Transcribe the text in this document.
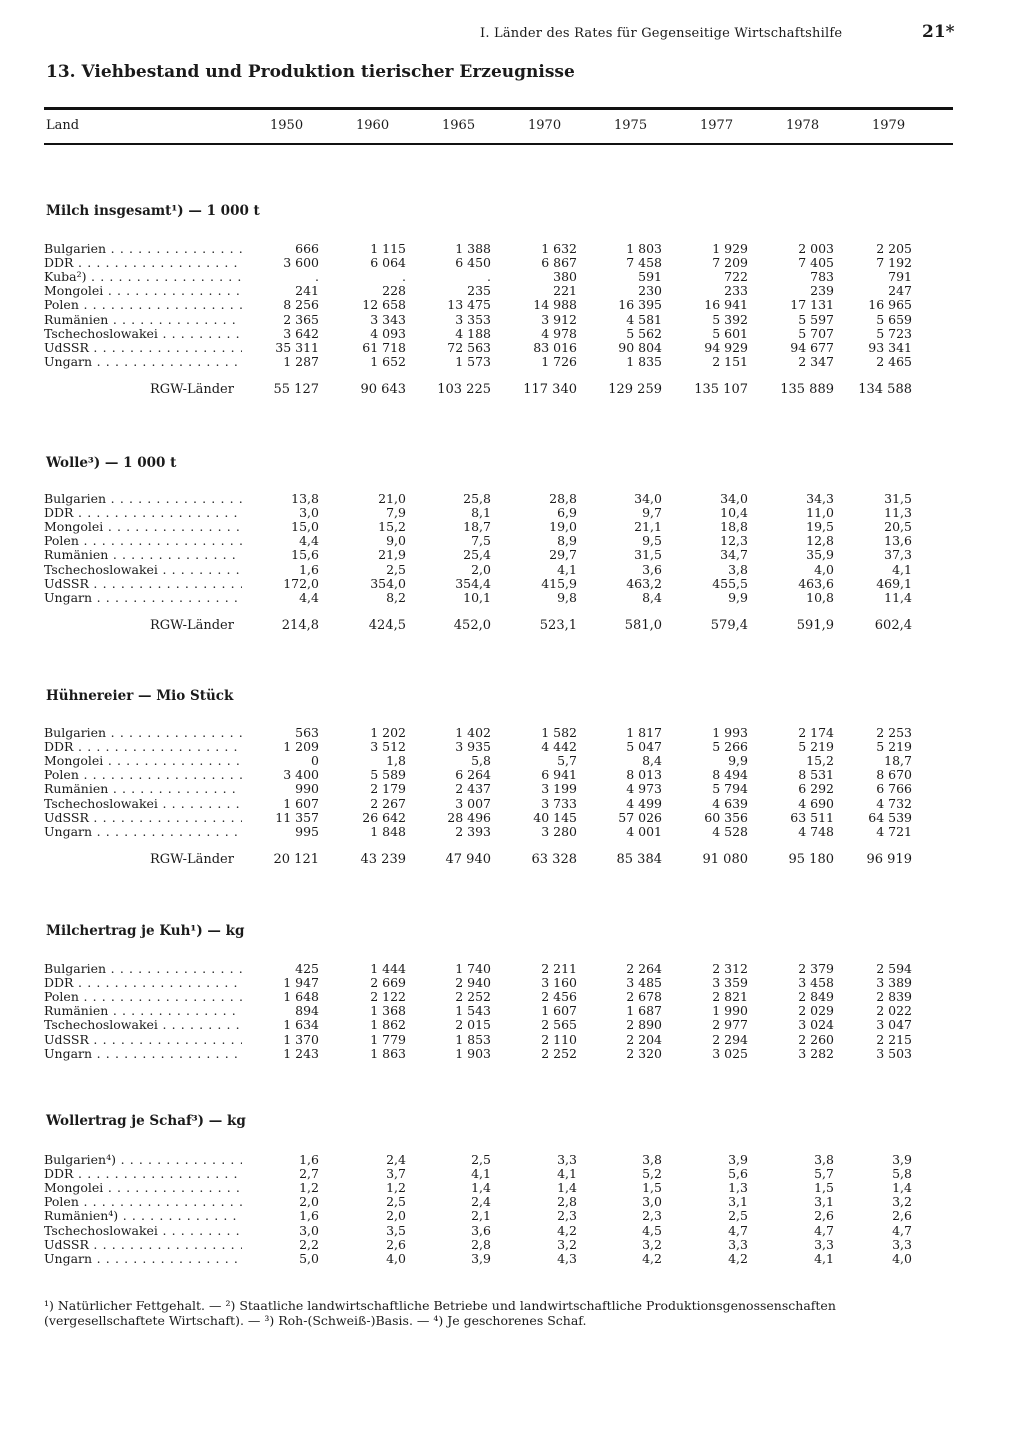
I. Länder des Rates für Gegenseitige Wirtschaftshilfe	21*
13. Viehbestand und Produktion tierischer Erzeugnisse
Land	1950	1960	1965	1970	1975	1977	1978	1979
Milch insgesamt¹) — 1 000 t
Bulgarien . . .	666	1 115	1 388	1 632	1 803	1 929	2 003	2 205
DDR . . .	3 600	6 064	6 450	6 867	7 458	7 209	7 405	7 192
Kuba²) . . .	.	.	.	380	591	722	783	791
Mongolei . . .	241	228	235	221	230	233	239	247
Polen . . .	8 256	12 658	13 475	14 988	16 395	16 941	17 131	16 965
Rumänien . . .	2 365	3 343	3 353	3 912	4 581	5 392	5 597	5 659
Tschechoslowakei . . .	3 642	4 093	4 188	4 978	5 562	5 601	5 707	5 723
UdSSR . . .	35 311	61 718	72 563	83 016	90 804	94 929	94 677	93 341
Ungarn . . .	1 287	1 652	1 573	1 726	1 835	2 151	2 347	2 465
RGW-Länder	55 127	90 643	103 225	117 340	129 259	135 107	135 889	134 588
Wolle³) — 1 000 t
Bulgarien . . .	13,8	21,0	25,8	28,8	34,0	34,0	34,3	31,5
DDR . . .	3,0	7,9	8,1	6,9	9,7	10,4	11,0	11,3
Mongolei . . .	15,0	15,2	18,7	19,0	21,1	18,8	19,5	20,5
Polen . . .	4,4	9,0	7,5	8,9	9,5	12,3	12,8	13,6
Rumänien . . .	15,6	21,9	25,4	29,7	31,5	34,7	35,9	37,3
Tschechoslowakei . . .	1,6	2,5	2,0	4,1	3,6	3,8	4,0	4,1
UdSSR . . .	172,0	354,0	354,4	415,9	463,2	455,5	463,6	469,1
Ungarn . . .	4,4	8,2	10,1	9,8	8,4	9,9	10,8	11,4
RGW-Länder	214,8	424,5	452,0	523,1	581,0	579,4	591,9	602,4
Hühnereier — Mio Stück
Bulgarien . . .	563	1 202	1 402	1 582	1 817	1 993	2 174	2 253
DDR . . .	1 209	3 512	3 935	4 442	5 047	5 266	5 219	5 219
Mongolei . . .	0	1,8	5,8	5,7	8,4	9,9	15,2	18,7
Polen . . .	3 400	5 589	6 264	6 941	8 013	8 494	8 531	8 670
Rumänien . . .	990	2 179	2 437	3 199	4 973	5 794	6 292	6 766
Tschechoslowakei . . .	1 607	2 267	3 007	3 733	4 499	4 639	4 690	4 732
UdSSR . . .	11 357	26 642	28 496	40 145	57 026	60 356	63 511	64 539
Ungarn . . .	995	1 848	2 393	3 280	4 001	4 528	4 748	4 721
RGW-Länder	20 121	43 239	47 940	63 328	85 384	91 080	95 180	96 919
Milchertrag je Kuh¹) — kg
Bulgarien . . .	425	1 444	1 740	2 211	2 264	2 312	2 379	2 594
DDR . . .	1 947	2 669	2 940	3 160	3 485	3 359	3 458	3 389
Polen . . .	1 648	2 122	2 252	2 456	2 678	2 821	2 849	2 839
Rumänien . . .	894	1 368	1 543	1 607	1 687	1 990	2 029	2 022
Tschechoslowakei . . .	1 634	1 862	2 015	2 565	2 890	2 977	3 024	3 047
UdSSR . . .	1 370	1 779	1 853	2 110	2 204	2 294	2 260	2 215
Ungarn . . .	1 243	1 863	1 903	2 252	2 320	3 025	3 282	3 503
Wollertrag je Schaf³) — kg
Bulgarien⁴) . . .	1,6	2,4	2,5	3,3	3,8	3,9	3,8	3,9
DDR . . .	2,7	3,7	4,1	4,1	5,2	5,6	5,7	5,8
Mongolei . . .	1,2	1,2	1,4	1,4	1,5	1,3	1,5	1,4
Polen . . .	2,0	2,5	2,4	2,8	3,0	3,1	3,1	3,2
Rumänien⁴) . . .	1,6	2,0	2,1	2,3	2,3	2,5	2,6	2,6
Tschechoslowakei . . .	3,0	3,5	3,6	4,2	4,5	4,7	4,7	4,7
UdSSR . . .	2,2	2,6	2,8	3,2	3,2	3,3	3,3	3,3
Ungarn . . .	5,0	4,0	3,9	4,3	4,2	4,2	4,1	4,0
¹) Natürlicher Fettgehalt. — ²) Staatliche landwirtschaftliche Betriebe und landwirtschaftliche Produktionsgenossenschaften (vergesellschaftete Wirtschaft). — ³) Roh-(Schweiß-)Basis. — ⁴) Je geschorenes Schaf.
